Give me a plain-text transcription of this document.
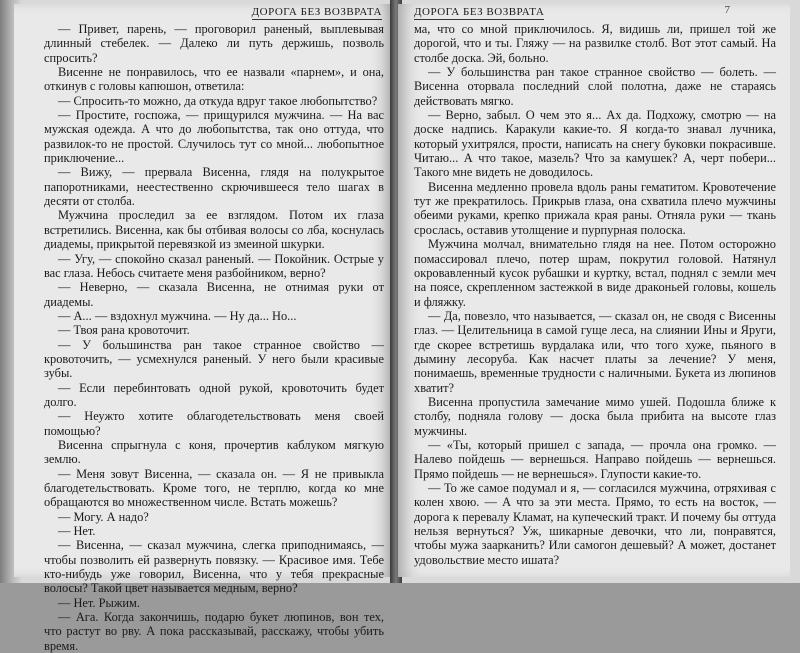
ДОРОГА БЕЗ ВОЗВРАТА

— Привет, парень, — проговорил раненый, выплевывая длинный стебелек. — Далеко ли путь держишь, позволь спросить?

Висенне не понравилось, что ее назвали «парнем», и она, откинув с головы капюшон, ответила:

— Спросить-то можно, да откуда вдруг такое любопытство?

— Простите, госпожа, — прищурился мужчина. — На вас мужская одежда. А что до любопытства, так оно оттуда, что развилок-то не простой. Случилось тут со мной... любопытное приключение...

— Вижу, — прервала Висенна, глядя на полукрытое папоротниками, неестественно скрючившееся тело шагах в десяти от столба.

Мужчина проследил за ее взглядом. Потом их глаза встретились. Висенна, как бы отбивая волосы со лба, коснулась диадемы, прикрытой перевязкой из змеиной шкурки.

— Угу, — спокойно сказал раненый. — Покойник. Острые у вас глаза. Небось считаете меня разбойником, верно?

— Неверно, — сказала Висенна, не отнимая руки от диадемы.

— А... — вздохнул мужчина. — Ну да... Но...

— Твоя рана кровоточит.

— У большинства ран такое странное свойство — кровоточить, — усмехнулся раненый. У него были красивые зубы.

— Если перебинтовать одной рукой, кровоточить будет долго.

— Неужто хотите облагодетельствовать меня своей помощью?

Висенна спрыгнула с коня, прочертив каблуком мягкую землю.

— Меня зовут Висенна, — сказала он. — Я не привыкла благодетельствовать. Кроме того, не терплю, когда ко мне обращаются во множественном числе. Встать можешь?

— Могу. А надо?

— Нет.

— Висенна, — сказал мужчина, слегка приподнимаясь, — чтобы позволить ей развернуть повязку. — Красивое имя. Тебе кто-нибудь уже говорил, Висенна, что у тебя прекрасные волосы? Такой цвет называется медным, верно?

— Нет. Рыжим.

— Ага. Когда закончишь, подарю букет люпинов, вон тех, что растут во рву. А пока рассказывай, расскажу, чтобы убить время.

ДОРОГА БЕЗ ВОЗВРАТА	7

ма, что со мной приключилось. Я, видишь ли, пришел той же дорогой, что и ты. Гляжу — на развилке столб. Вот этот самый. На столбе доска. Эй, больно.

— У большинства ран такое странное свойство — болеть. — Висенна оторвала последний слой полотна, даже не стараясь действовать мягко.

— Верно, забыл. О чем это я... Ах да. Подхожу, смотрю — на доске надпись. Каракули какие-то. Я когда-то знавал лучника, который ухитрялся, прости, написать на снегу буковки покрасивше. Читаю... А что такое, мазель? Что за камушек? А, черт побери... Такого мне видеть не доводилось.

Висенна медленно провела вдоль раны гематитом. Кровотечение тут же прекратилось. Прикрыв глаза, она схватила плечо мужчины обеими руками, крепко прижала края раны. Отняла руки — ткань срослась, оставив утолщение и пурпурная полоска.

Мужчина молчал, внимательно глядя на нее. Потом осторожно помассировал плечо, потер шрам, покрутил головой. Натянул окровавленный кусок рубашки и куртку, встал, поднял с земли меч на поясе, скрепленном застежкой в виде драконьей головы, кошель и фляжку.

— Да, повезло, что называется, — сказал он, не сводя с Висенны глаз. — Целительница в самой гуще леса, на слиянии Ины и Яруги, где скорее встретишь вурдалака или, что того хуже, пьяного в дымину лесоруба. Как насчет платы за лечение? У меня, понимаешь, временные трудности с наличными. Букета из люпинов хватит?

Висенна пропустила замечание мимо ушей. Подошла ближе к столбу, подняла голову — доска была прибита на высоте глаз мужчины.

— «Ты, который пришел с запада, — прочла она громко. — Налево пойдешь — вернешься. Направо пойдешь — вернешься. Прямо пойдешь — не вернешься». Глупости какие-то.

— То же самое подумал и я, — согласился мужчина, отряхивая с колен хвою. — А что за эти места. Прямо, то есть на восток, — дорога к перевалу Кламат, на купеческий тракт. И почему бы оттуда нельзя вернуться? Уж, шикарные девочки, что ли, понравятся, чтобы мужа заарканить? Или самогон дешевый? А может, достанет удовольствие место ишата?
